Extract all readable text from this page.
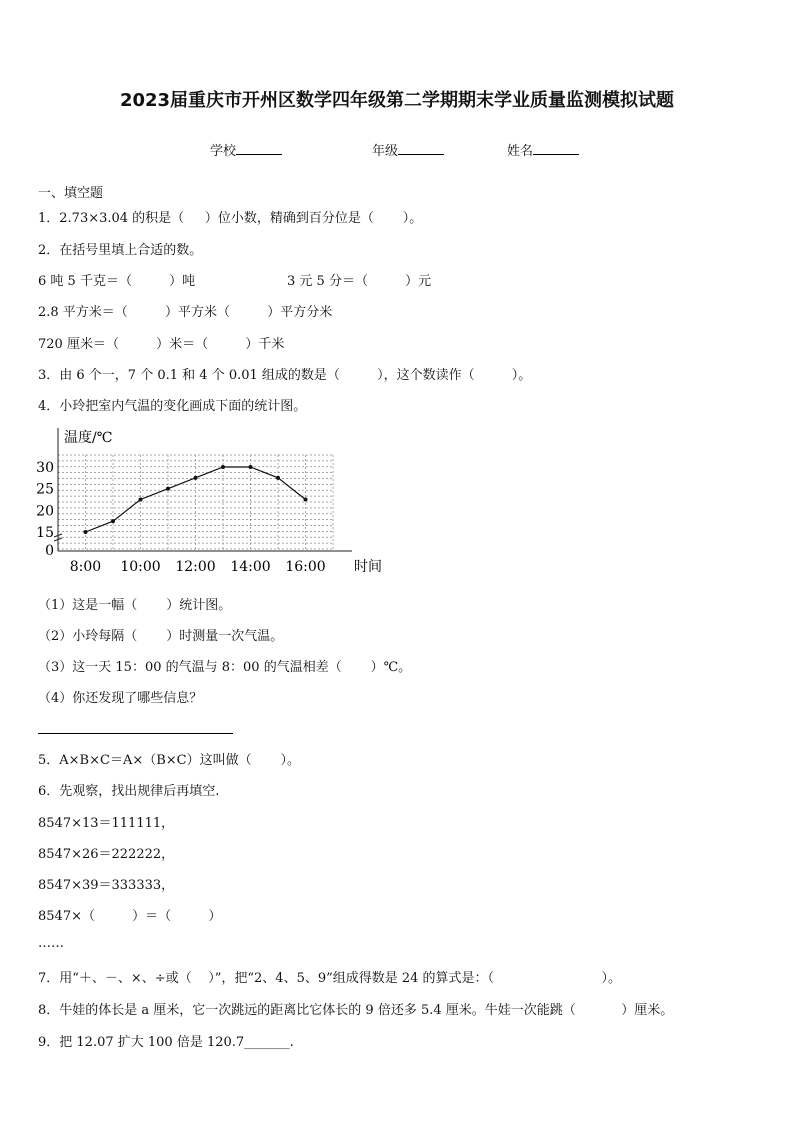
2023届重庆市开州区数学四年级第二学期期末学业质量监测模拟试题
学校	年级	姓名
一、填空题
1．2.73×3.04 的积是（     ）位小数，精确到百分位是（       ）。
2．在括号里填上合适的数。
6 吨 5 千克＝（         ）吨	3 元 5 分＝（         ）元
2.8 平方米＝（         ）平方米（         ）平方分米
720 厘米＝（         ）米＝（         ）千米
3．由 6 个一，7 个 0.1 和 4 个 0.01 组成的数是（         ），这个数读作（         ）。
4．小玲把室内气温的变化画成下面的统计图。
温度/℃
时间
0
15
20
25
30
8:00 10:00 12:00 14:00 16:00
（1）这是一幅（       ）统计图。
（2）小玲每隔（       ）时测量一次气温。
（3）这一天 15：00 的气温与 8：00 的气温相差（       ）℃。
（4）你还发现了哪些信息？
5．A×B×C＝A×（B×C）这叫做（       ）。
6．先观察，找出规律后再填空.
8547×13＝111111，
8547×26＝222222，
8547×39＝333333，
8547×（         ）＝（         ）
……
7．用“＋、－、×、÷或（    ）”，把“2、4、5、9”组成得数是 24 的算式是：（                          ）。
8．牛娃的体长是 a 厘米，它一次跳远的距离比它体长的 9 倍还多 5.4 厘米。牛娃一次能跳（           ）厘米。
9．把 12.07 扩大 100 倍是 120.7_______.
